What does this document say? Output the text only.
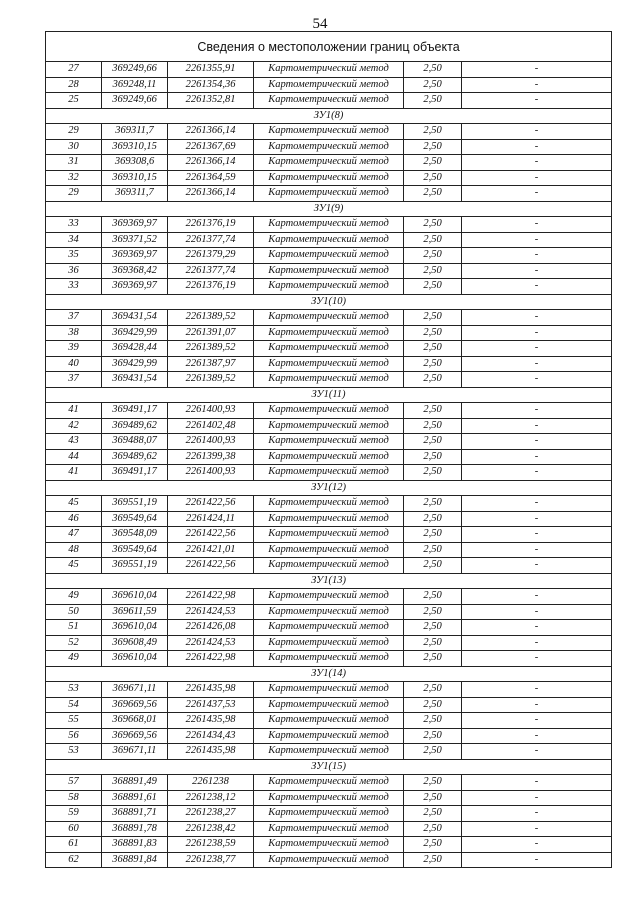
54
Сведения о местоположении границ объекта					
27	369249,66	2261355,91	Картометрический метод	2,50	-
28	369248,11	2261354,36	Картометрический метод	2,50	-
25	369249,66	2261352,81	Картометрический метод	2,50	-
ЗУ1(8)					
29	369311,7	2261366,14	Картометрический метод	2,50	-
30	369310,15	2261367,69	Картометрический метод	2,50	-
31	369308,6	2261366,14	Картометрический метод	2,50	-
32	369310,15	2261364,59	Картометрический метод	2,50	-
29	369311,7	2261366,14	Картометрический метод	2,50	-
ЗУ1(9)					
33	369369,97	2261376,19	Картометрический метод	2,50	-
34	369371,52	2261377,74	Картометрический метод	2,50	-
35	369369,97	2261379,29	Картометрический метод	2,50	-
36	369368,42	2261377,74	Картометрический метод	2,50	-
33	369369,97	2261376,19	Картометрический метод	2,50	-
ЗУ1(10)					
37	369431,54	2261389,52	Картометрический метод	2,50	-
38	369429,99	2261391,07	Картометрический метод	2,50	-
39	369428,44	2261389,52	Картометрический метод	2,50	-
40	369429,99	2261387,97	Картометрический метод	2,50	-
37	369431,54	2261389,52	Картометрический метод	2,50	-
ЗУ1(11)					
41	369491,17	2261400,93	Картометрический метод	2,50	-
42	369489,62	2261402,48	Картометрический метод	2,50	-
43	369488,07	2261400,93	Картометрический метод	2,50	-
44	369489,62	2261399,38	Картометрический метод	2,50	-
41	369491,17	2261400,93	Картометрический метод	2,50	-
ЗУ1(12)					
45	369551,19	2261422,56	Картометрический метод	2,50	-
46	369549,64	2261424,11	Картометрический метод	2,50	-
47	369548,09	2261422,56	Картометрический метод	2,50	-
48	369549,64	2261421,01	Картометрический метод	2,50	-
45	369551,19	2261422,56	Картометрический метод	2,50	-
ЗУ1(13)					
49	369610,04	2261422,98	Картометрический метод	2,50	-
50	369611,59	2261424,53	Картометрический метод	2,50	-
51	369610,04	2261426,08	Картометрический метод	2,50	-
52	369608,49	2261424,53	Картометрический метод	2,50	-
49	369610,04	2261422,98	Картометрический метод	2,50	-
ЗУ1(14)					
53	369671,11	2261435,98	Картометрический метод	2,50	-
54	369669,56	2261437,53	Картометрический метод	2,50	-
55	369668,01	2261435,98	Картометрический метод	2,50	-
56	369669,56	2261434,43	Картометрический метод	2,50	-
53	369671,11	2261435,98	Картометрический метод	2,50	-
ЗУ1(15)					
57	368891,49	2261238	Картометрический метод	2,50	-
58	368891,61	2261238,12	Картометрический метод	2,50	-
59	368891,71	2261238,27	Картометрический метод	2,50	-
60	368891,78	2261238,42	Картометрический метод	2,50	-
61	368891,83	2261238,59	Картометрический метод	2,50	-
62	368891,84	2261238,77	Картометрический метод	2,50	-
